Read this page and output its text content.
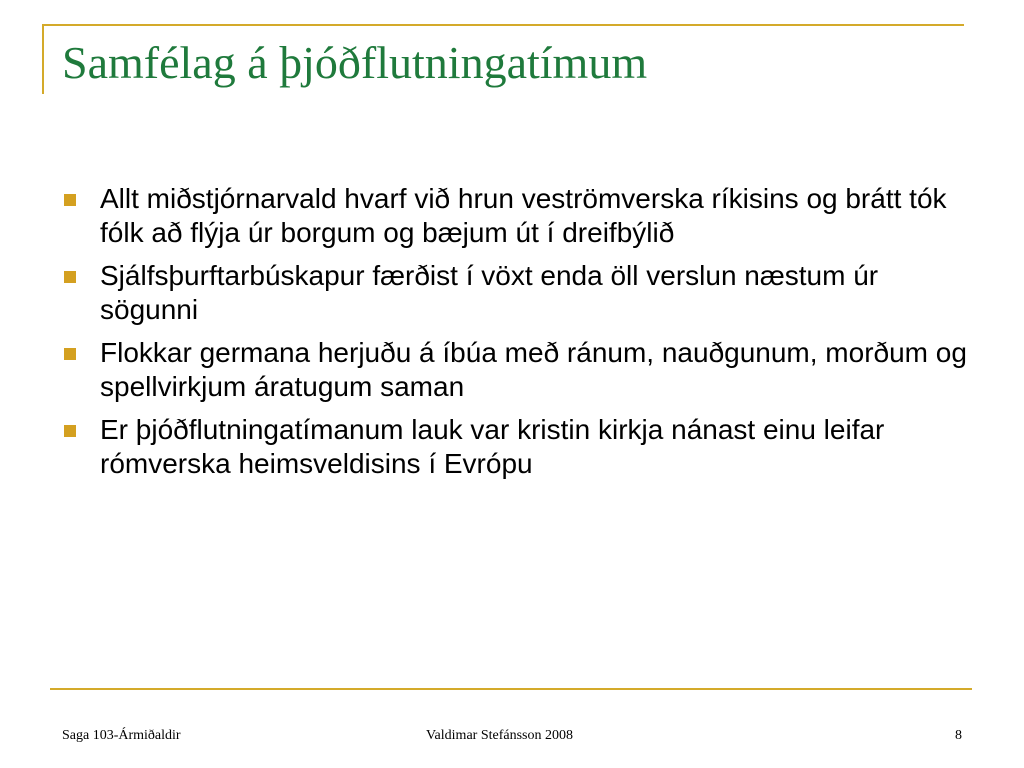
Samfélag á þjóðflutningatímum
Allt miðstjórnarvald hvarf við hrun veströmverska ríkisins og brátt tók fólk að flýja úr borgum og bæjum út í dreifbýlið
Sjálfsþurftarbúskapur færðist í vöxt enda öll verslun næstum úr sögunni
Flokkar germana herjuðu á íbúa með ránum, nauðgunum, morðum og spellvirkjum áratugum saman
Er þjóðflutningatímanum lauk var kristin kirkja nánast einu leifar rómverska heimsveldisins í Evrópu
Saga 103-Ármiðaldir	Valdimar Stefánsson 2008	8
